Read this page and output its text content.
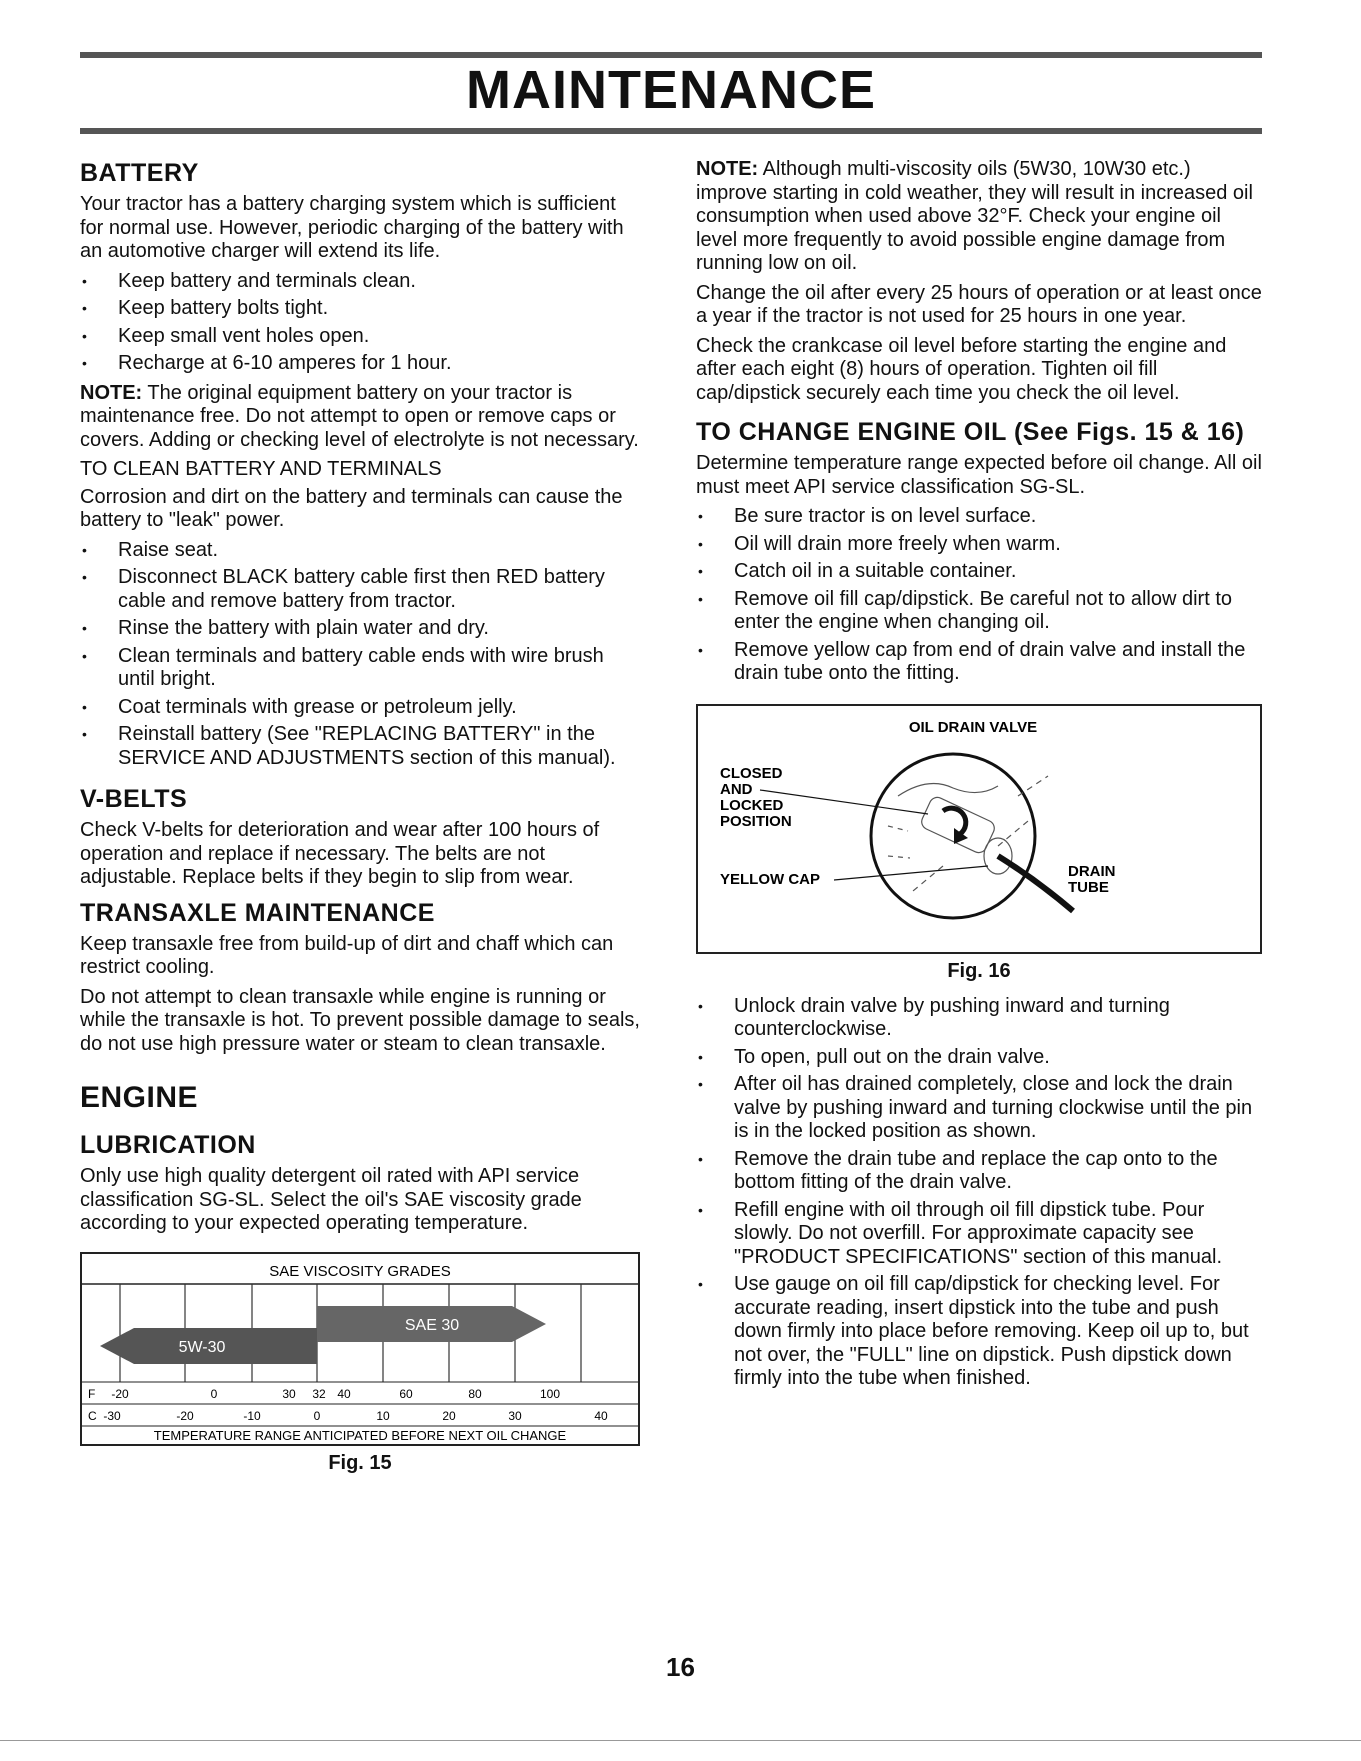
MAINTENANCE
BATTERY

Your tractor has a battery charging system which is sufficient for normal use. However, periodic charging of the battery with an automotive charger will extend its life.

• Keep battery and terminals clean.
• Keep battery bolts tight.
• Keep small vent holes open.
• Recharge at 6-10 amperes for 1 hour.

NOTE: The original equipment battery on your tractor is maintenance free. Do not attempt to open or remove caps or covers. Adding or checking level of electrolyte is not necessary.

TO CLEAN BATTERY AND TERMINALS

Corrosion and dirt on the battery and terminals can cause the battery to "leak" power.

• Raise seat.
• Disconnect BLACK battery cable first then RED battery cable and remove battery from tractor.
• Rinse the battery with plain water and dry.
• Clean terminals and battery cable ends with wire brush until bright.
• Coat terminals with grease or petroleum jelly.
• Reinstall battery (See "REPLACING BATTERY" in the SERVICE AND ADJUSTMENTS section of this manual).
V-BELTS

Check V-belts for deterioration and wear after 100 hours of operation and replace if necessary. The belts are not adjustable. Replace belts if they begin to slip from wear.

TRANSAXLE MAINTENANCE

Keep transaxle free from build-up of dirt and chaff which can restrict cooling.

Do not attempt to clean transaxle while engine is running or while the transaxle is hot. To prevent possible damage to seals, do not use high pressure water or steam to clean transaxle.

ENGINE
LUBRICATION

Only use high quality detergent oil rated with API service classification SG-SL. Select the oil's SAE viscosity grade according to your expected operating temperature.

SAE VISCOSITY GRADES
5W-30
SAE 30
F -20	0	30 32 40	60	80	100
C -30	-20	-10	0	10	20	30	40
TEMPERATURE RANGE ANTICIPATED BEFORE NEXT OIL CHANGE
Fig. 15

NOTE: Although multi-viscosity oils (5W30, 10W30 etc.) improve starting in cold weather, they will result in increased oil consumption when used above 32°F. Check your engine oil level more frequently to avoid possible engine damage from running low on oil.

Change the oil after every 25 hours of operation or at least once a year if the tractor is not used for 25 hours in one year.

Check the crankcase oil level before starting the engine and after each eight (8) hours of operation. Tighten oil fill cap/dipstick securely each time you check the oil level.

TO CHANGE ENGINE OIL (See Figs. 15 & 16)

Determine temperature range expected before oil change. All oil must meet API service classification SG-SL.

• Be sure tractor is on level surface.
• Oil will drain more freely when warm.
• Catch oil in a suitable container.
• Remove oil fill cap/dipstick. Be careful not to allow dirt to enter the engine when changing oil.
• Remove yellow cap from end of drain valve and install the drain tube onto the fitting.
OIL DRAIN VALVE
CLOSED
AND
LOCKED
POSITION
YELLOW CAP	DRAIN
TUBE
Fig. 16
• Unlock drain valve by pushing inward and turning counterclockwise.
• To open, pull out on the drain valve.
• After oil has drained completely, close and lock the drain valve by pushing inward and turning clockwise until the pin is in the locked position as shown.
• Remove the drain tube and replace the cap onto to the bottom fitting of the drain valve.
• Refill engine with oil through oil fill dipstick tube. Pour slowly. Do not overfill. For approximate capacity see "PRODUCT SPECIFICATIONS" section of this manual.
• Use gauge on oil fill cap/dipstick for checking level. For accurate reading, insert dipstick into the tube and push down firmly into place before removing. Keep oil up to, but not over, the "FULL" line on dipstick. Push dipstick down firmly into the tube when finished.
16
